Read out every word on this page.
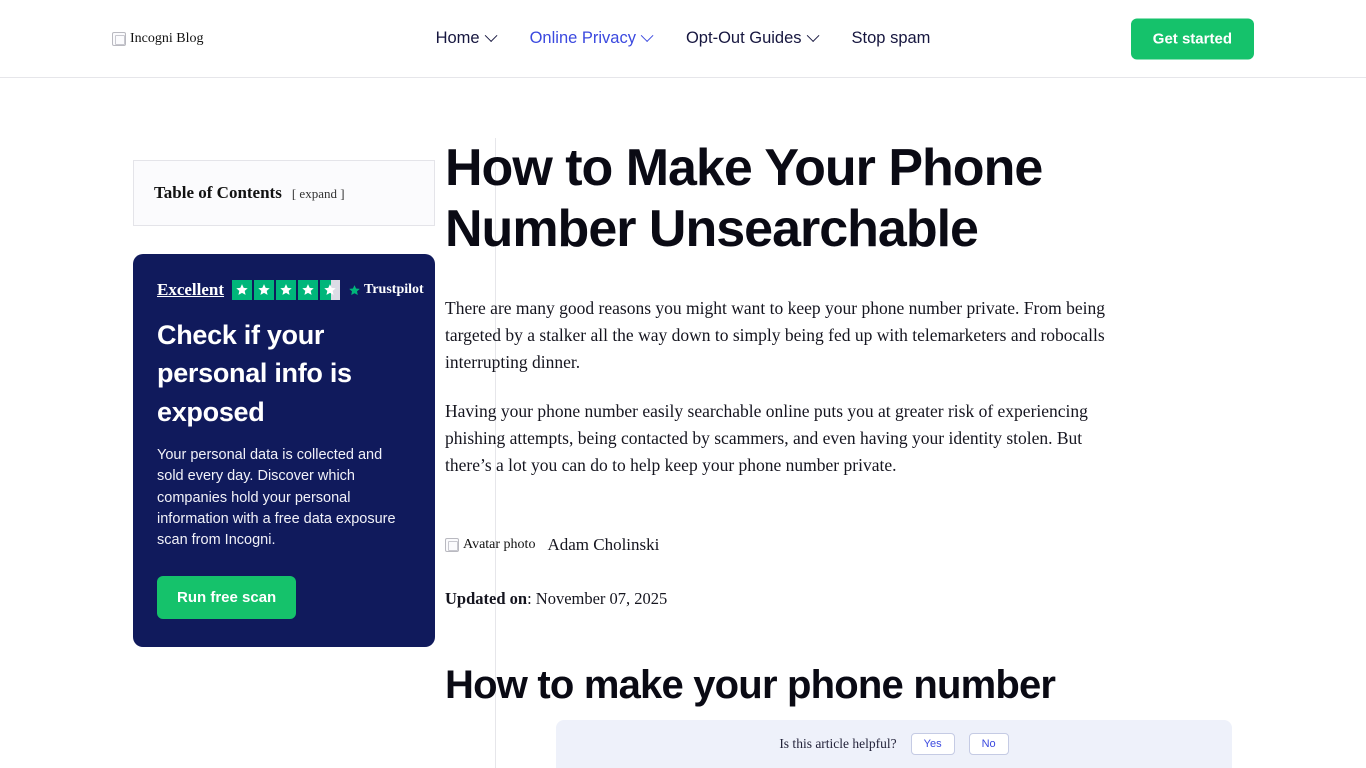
Incogni Blog	Home	Online Privacy	Opt-Out Guides	Stop spam	Get started
Table of Contents [ expand ]
Excellent	Trustpilot
Check if your personal info is exposed

Your personal data is collected and sold every day. Discover which companies hold your personal information with a free data exposure scan from Incogni.

Run free scan
How to Make Your Phone Number Unsearchable

There are many good reasons you might want to keep your phone number private. From being targeted by a stalker all the way down to simply being fed up with telemarketers and robocalls interrupting dinner.

Having your phone number easily searchable online puts you at greater risk of experiencing phishing attempts, being contacted by scammers, and even having your identity stolen. But there’s a lot you can do to help keep your phone number private.

Avatar photo Adam Cholinski
Updated on: November 07, 2025
How to make your phone number
Is this article helpful?	Yes	No
